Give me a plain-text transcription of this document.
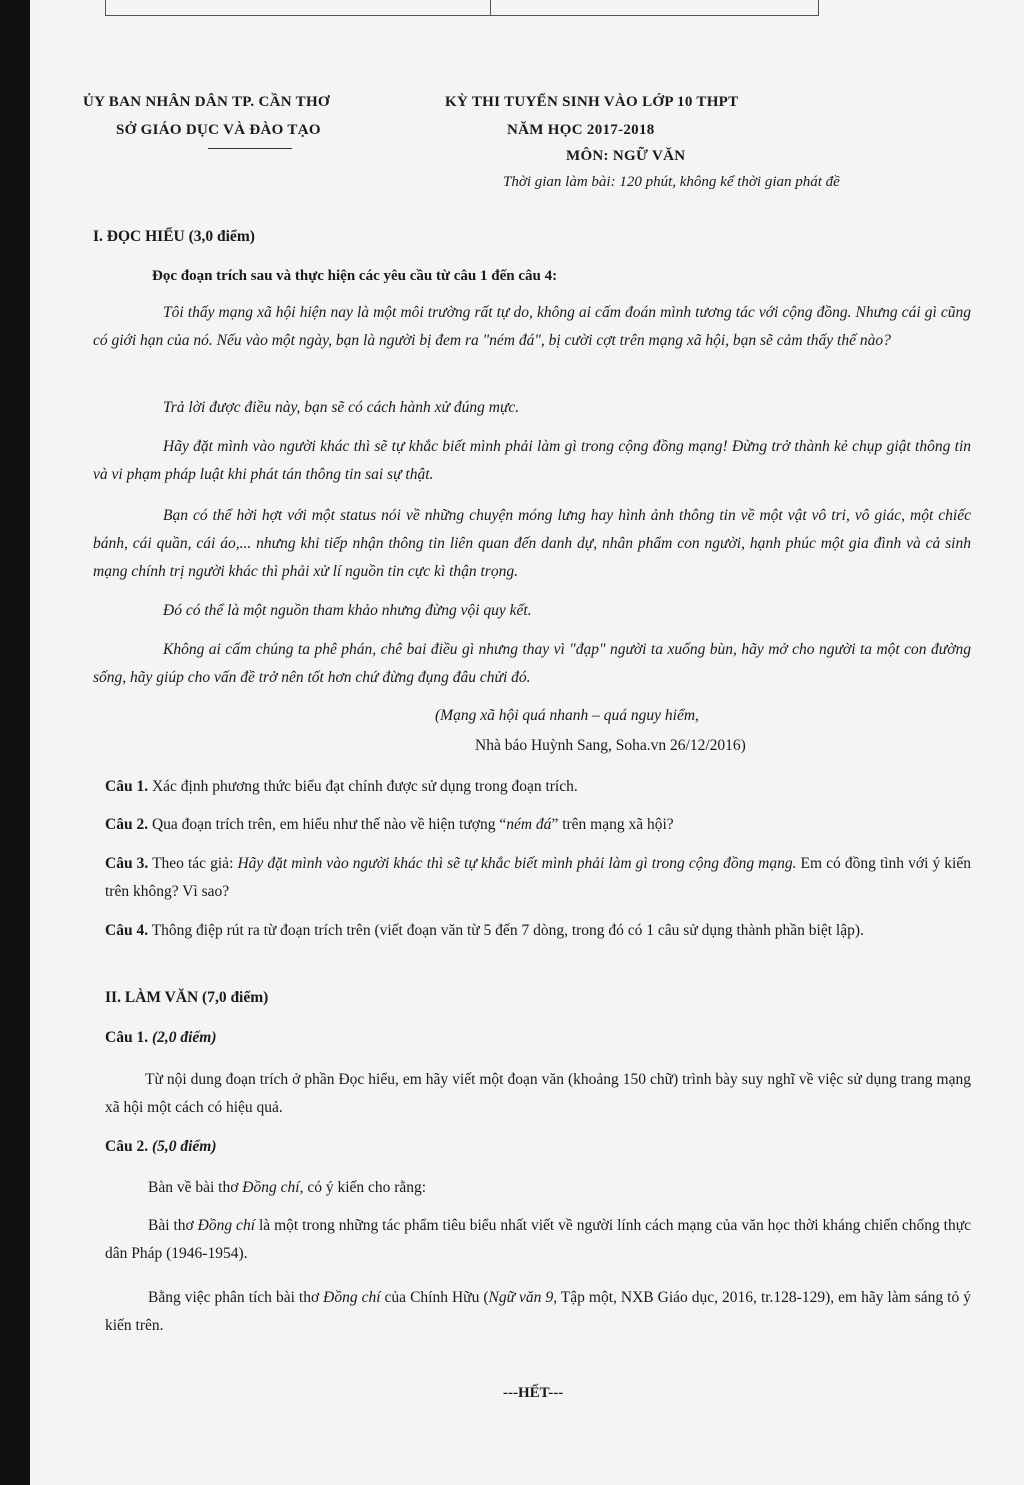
ỦY BAN NHÂN DÂN TP. CẦN THƠ
SỞ GIÁO DỤC VÀ ĐÀO TẠO
KỲ THI TUYỂN SINH VÀO LỚP 10 THPT
NĂM HỌC 2017-2018
MÔN: NGỮ VĂN
Thời gian làm bài: 120 phút, không kể thời gian phát đề
I. ĐỌC HIỂU (3,0 điểm)
Đọc đoạn trích sau và thực hiện các yêu cầu từ câu 1 đến câu 4:
Tôi thấy mạng xã hội hiện nay là một môi trường rất tự do, không ai cấm đoán mình tương tác với cộng đồng. Nhưng cái gì cũng có giới hạn của nó. Nếu vào một ngày, bạn là người bị đem ra "ném đá", bị cười cợt trên mạng xã hội, bạn sẽ cảm thấy thế nào?
Trả lời được điều này, bạn sẽ có cách hành xử đúng mực.
Hãy đặt mình vào người khác thì sẽ tự khắc biết mình phải làm gì trong cộng đồng mạng! Đừng trở thành kẻ chụp giật thông tin và vi phạm pháp luật khi phát tán thông tin sai sự thật.
Bạn có thể hời hợt với một status nói về những chuyện móng lưng hay hình ảnh thông tin về một vật vô tri, vô giác, một chiếc bánh, cái quần, cái áo,... nhưng khi tiếp nhận thông tin liên quan đến danh dự, nhân phẩm con người, hạnh phúc một gia đình và cả sinh mạng chính trị người khác thì phải xử lí nguồn tin cực kì thận trọng.
Đó có thể là một nguồn tham khảo nhưng đừng vội quy kết.
Không ai cấm chúng ta phê phán, chê bai điều gì nhưng thay vì "đạp" người ta xuống bùn, hãy mở cho người ta một con đường sống, hãy giúp cho vấn đề trở nên tốt hơn chứ đừng đụng đâu chửi đó.
(Mạng xã hội quá nhanh – quá nguy hiểm,
Nhà báo Huỳnh Sang, Soha.vn 26/12/2016)
Câu 1. Xác định phương thức biểu đạt chính được sử dụng trong đoạn trích.
Câu 2. Qua đoạn trích trên, em hiểu như thế nào về hiện tượng “ném đá” trên mạng xã hội?
Câu 3. Theo tác giả: Hãy đặt mình vào người khác thì sẽ tự khắc biết mình phải làm gì trong cộng đồng mạng. Em có đồng tình với ý kiến trên không? Vì sao?
Câu 4. Thông điệp rút ra từ đoạn trích trên (viết đoạn văn từ 5 đến 7 dòng, trong đó có 1 câu sử dụng thành phần biệt lập).
II. LÀM VĂN (7,0 điểm)
Câu 1. (2,0 điểm)
Từ nội dung đoạn trích ở phần Đọc hiểu, em hãy viết một đoạn văn (khoảng 150 chữ) trình bày suy nghĩ về việc sử dụng trang mạng xã hội một cách có hiệu quả.
Câu 2. (5,0 điểm)
Bàn về bài thơ Đồng chí, có ý kiến cho rằng:
Bài thơ Đồng chí là một trong những tác phẩm tiêu biểu nhất viết về người lính cách mạng của văn học thời kháng chiến chống thực dân Pháp (1946-1954).
Bằng việc phân tích bài thơ Đồng chí của Chính Hữu (Ngữ văn 9, Tập một, NXB Giáo dục, 2016, tr.128-129), em hãy làm sáng tỏ ý kiến trên.
---HẾT---
